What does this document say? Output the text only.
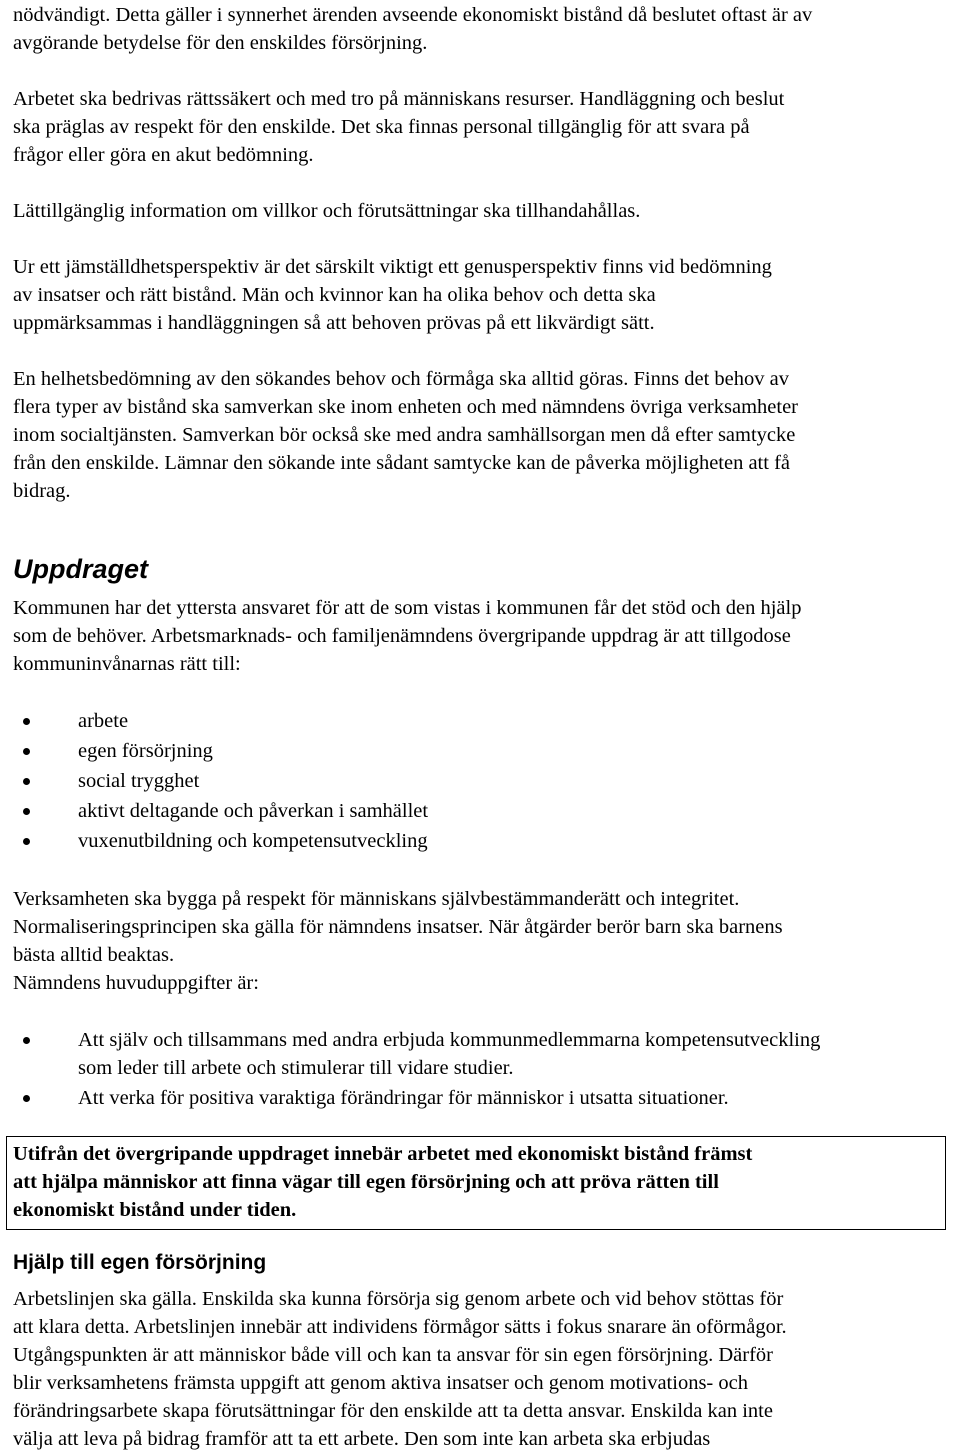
nödvändigt. Detta gäller i synnerhet ärenden avseende ekonomiskt bistånd då beslutet oftast är av
avgörande betydelse för den enskildes försörjning.

Arbetet ska bedrivas rättssäkert och med tro på människans resurser. Handläggning och beslut
ska präglas av respekt för den enskilde. Det ska finnas personal tillgänglig för att svara på
frågor eller göra en akut bedömning.

Lättillgänglig information om villkor och förutsättningar ska tillhandahållas.

Ur ett jämställdhetsperspektiv är det särskilt viktigt ett genusperspektiv finns vid bedömning
av insatser och rätt bistånd. Män och kvinnor kan ha olika behov och detta ska
uppmärksammas i handläggningen så att behoven prövas på ett likvärdigt sätt.

En helhetsbedömning av den sökandes behov och förmåga ska alltid göras. Finns det behov av
flera typer av bistånd ska samverkan ske inom enheten och med nämndens övriga verksamheter
inom socialtjänsten. Samverkan bör också ske med andra samhällsorgan men då efter samtycke
från den enskilde. Lämnar den sökande inte sådant samtycke kan de påverka möjligheten att få
bidrag.

Uppdraget

Kommunen har det yttersta ansvaret för att de som vistas i kommunen får det stöd och den hjälp
som de behöver. Arbetsmarknads- och familjenämndens övergripande uppdrag är att tillgodose
kommuninvånarnas rätt till:

arbete
egen försörjning
social trygghet
aktivt deltagande och påverkan i samhället
vuxenutbildning och kompetensutveckling

Verksamheten ska bygga på respekt för människans självbestämmanderätt och integritet.
Normaliseringsprincipen ska gälla för nämndens insatser. När åtgärder berör barn ska barnens
bästa alltid beaktas.
Nämndens huvuduppgifter är:

Att själv och tillsammans med andra erbjuda kommunmedlemmarna kompetensutveckling
som leder till arbete och stimulerar till vidare studier.
Att verka för positiva varaktiga förändringar för människor i utsatta situationer.
Utifrån det övergripande uppdraget innebär arbetet med ekonomiskt bistånd främst
att hjälpa människor att finna vägar till egen försörjning och att pröva rätten till
ekonomiskt bistånd under tiden.
Hjälp till egen försörjning

Arbetslinjen ska gälla. Enskilda ska kunna försörja sig genom arbete och vid behov stöttas för
att klara detta. Arbetslinjen innebär att individens förmågor sätts i fokus snarare än oförmågor.
Utgångspunkten är att människor både vill och kan ta ansvar för sin egen försörjning. Därför
blir verksamhetens främsta uppgift att genom aktiva insatser och genom motivations- och
förändringsarbete skapa förutsättningar för den enskilde att ta detta ansvar. Enskilda kan inte
välja att leva på bidrag framför att ta ett arbete. Den som inte kan arbeta ska erbjudas
